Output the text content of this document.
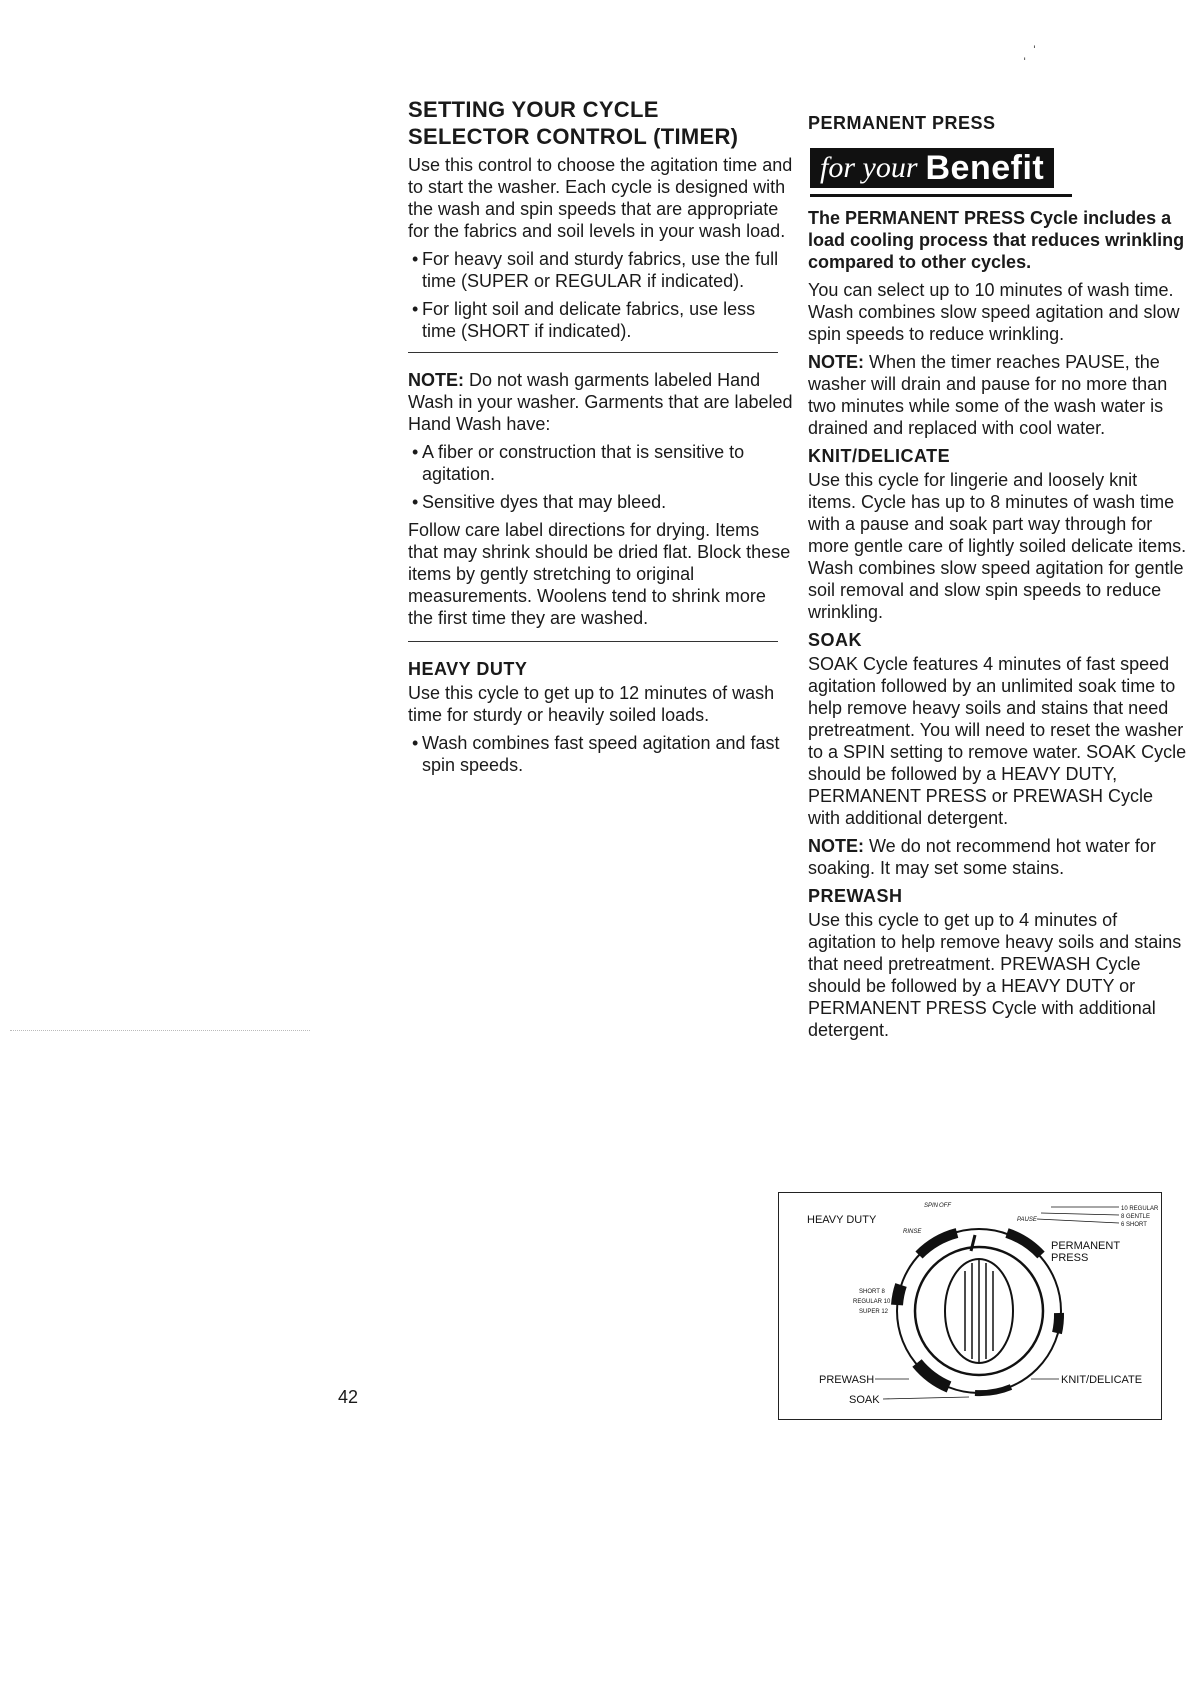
SETTING YOUR CYCLE
SELECTOR CONTROL (TIMER)

Use this control to choose the agitation time and to start the washer. Each cycle is designed with the wash and spin speeds that are appropriate for the fabrics and soil levels in your wash load.

• For heavy soil and sturdy fabrics, use the full time (SUPER or REGULAR if indicated).
• For light soil and delicate fabrics, use less time (SHORT if indicated).

NOTE: Do not wash garments labeled Hand Wash in your washer. Garments that are labeled Hand Wash have:

• A fiber or construction that is sensitive to agitation.
• Sensitive dyes that may bleed.

Follow care label directions for drying. Items that may shrink should be dried flat. Block these items by gently stretching to original measurements. Woolens tend to shrink more the first time they are washed.

HEAVY DUTY

Use this cycle to get up to 12 minutes of wash time for sturdy or heavily soiled loads.

• Wash combines fast speed agitation and fast spin speeds.
PERMANENT PRESS
for your Benefit

The PERMANENT PRESS Cycle includes a load cooling process that reduces wrinkling compared to other cycles.

You can select up to 10 minutes of wash time. Wash combines slow speed agitation and slow spin speeds to reduce wrinkling.

NOTE: When the timer reaches PAUSE, the washer will drain and pause for no more than two minutes while some of the wash water is drained and replaced with cool water.

KNIT/DELICATE

Use this cycle for lingerie and loosely knit items. Cycle has up to 8 minutes of wash time with a pause and soak part way through for more gentle care of lightly soiled delicate items. Wash combines slow speed agitation for gentle soil removal and slow spin speeds to reduce wrinkling.

SOAK

SOAK Cycle features 4 minutes of fast speed agitation followed by an unlimited soak time to help remove heavy soils and stains that need pretreatment. You will need to reset the washer to a SPIN setting to remove water. SOAK Cycle should be followed by a HEAVY DUTY, PERMANENT PRESS or PREWASH Cycle with additional detergent.

NOTE: We do not recommend hot water for soaking. It may set some stains.

PREWASH

Use this cycle to get up to 4 minutes of agitation to help remove heavy soils and stains that need pretreatment. PREWASH Cycle should be followed by a HEAVY DUTY or PERMANENT PRESS Cycle with additional detergent.

HEAVY DUTY
PERMANENT
PRESS
PREWASH
SOAK
KNIT/DELICATE
10 REGULAR
8 GENTLE
6 SHORT
SHORT 8
REGULAR 10
SUPER 12
SPIN OFF
RINSE
PAUSE
42
ˌ ˈ
